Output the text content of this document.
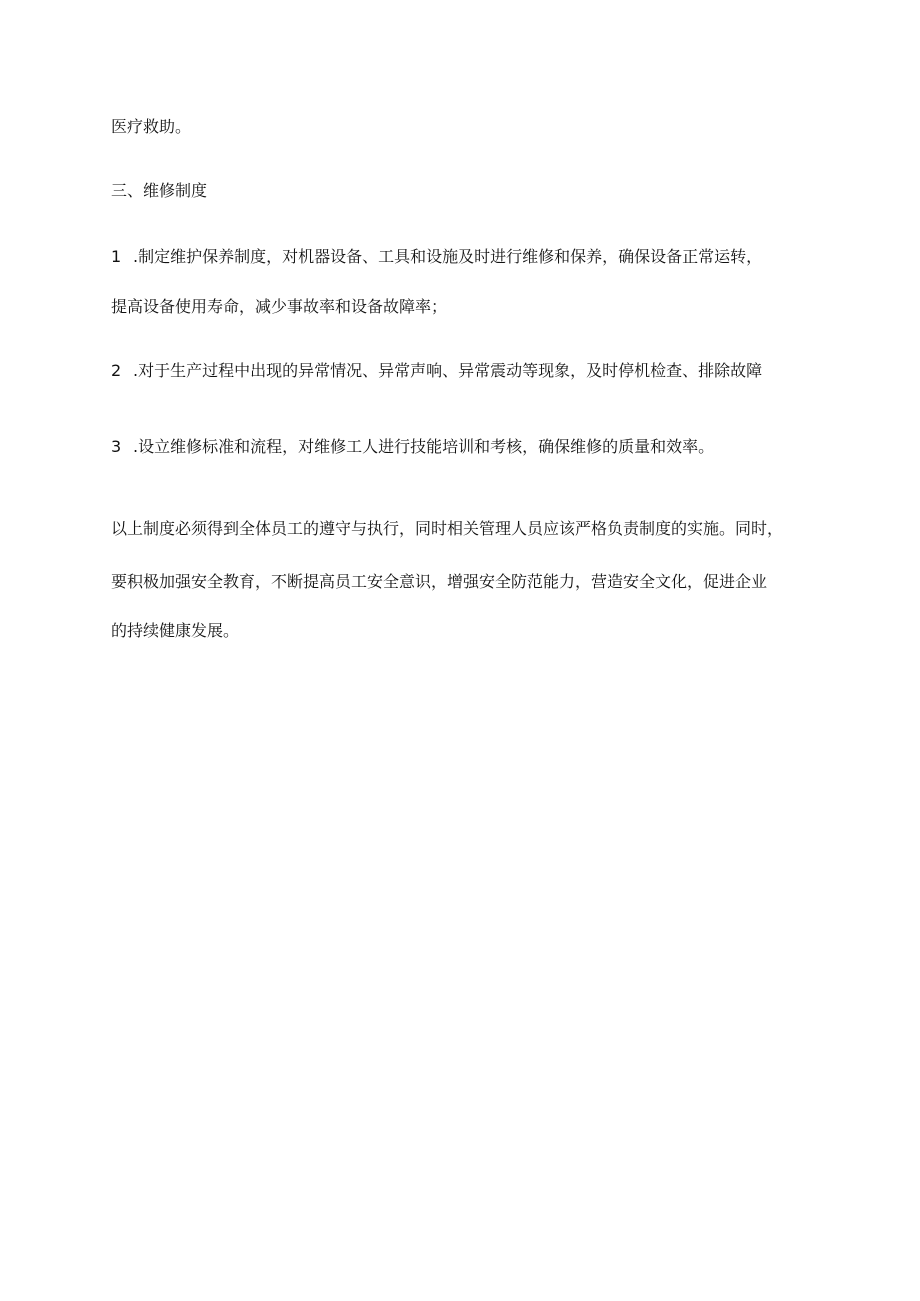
医疗救助。
三、维修制度
1 .制定维护保养制度，对机器设备、工具和设施及时进行维修和保养，确保设备正常运转，
提高设备使用寿命，减少事故率和设备故障率；
2 .对于生产过程中出现的异常情况、异常声响、异常震动等现象，及时停机检查、排除故障
3 .设立维修标准和流程，对维修工人进行技能培训和考核，确保维修的质量和效率。
以上制度必须得到全体员工的遵守与执行，同时相关管理人员应该严格负责制度的实施。同时，
要积极加强安全教育，不断提高员工安全意识，增强安全防范能力，营造安全文化，促进企业
的持续健康发展。
